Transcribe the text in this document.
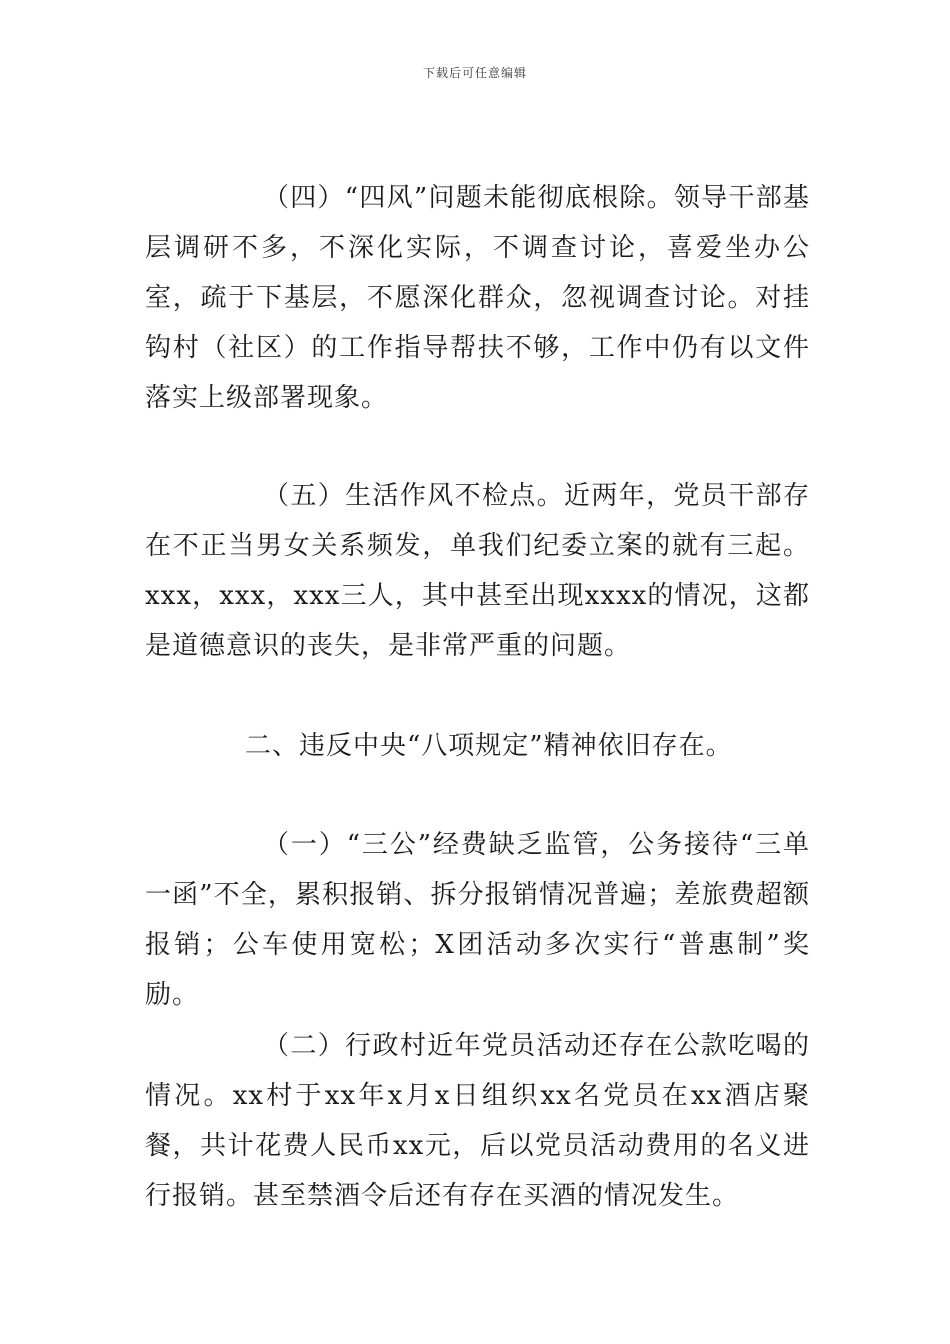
下载后可任意编辑

（四）“四风”问题未能彻底根除。领导干部基层调研不多，不深化实际，不调查讨论，喜爱坐办公室，疏于下基层，不愿深化群众，忽视调查讨论。对挂钩村（社区）的工作指导帮扶不够，工作中仍有以文件落实上级部署现象。

（五）生活作风不检点。近两年，党员干部存在不正当男女关系频发，单我们纪委立案的就有三起。xxx，xxx，xxx三人，其中甚至出现xxxx的情况，这都是道德意识的丧失，是非常严重的问题。

二、违反中央“八项规定”精神依旧存在。

（一）“三公”经费缺乏监管，公务接待“三单一函”不全，累积报销、拆分报销情况普遍；差旅费超额报销；公车使用宽松；X团活动多次实行“普惠制”奖励。

（二）行政村近年党员活动还存在公款吃喝的情况。xx村于xx年x月x日组织xx名党员在xx酒店聚餐，共计花费人民币xx元，后以党员活动费用的名义进行报销。甚至禁酒令后还有存在买酒的情况发生。
